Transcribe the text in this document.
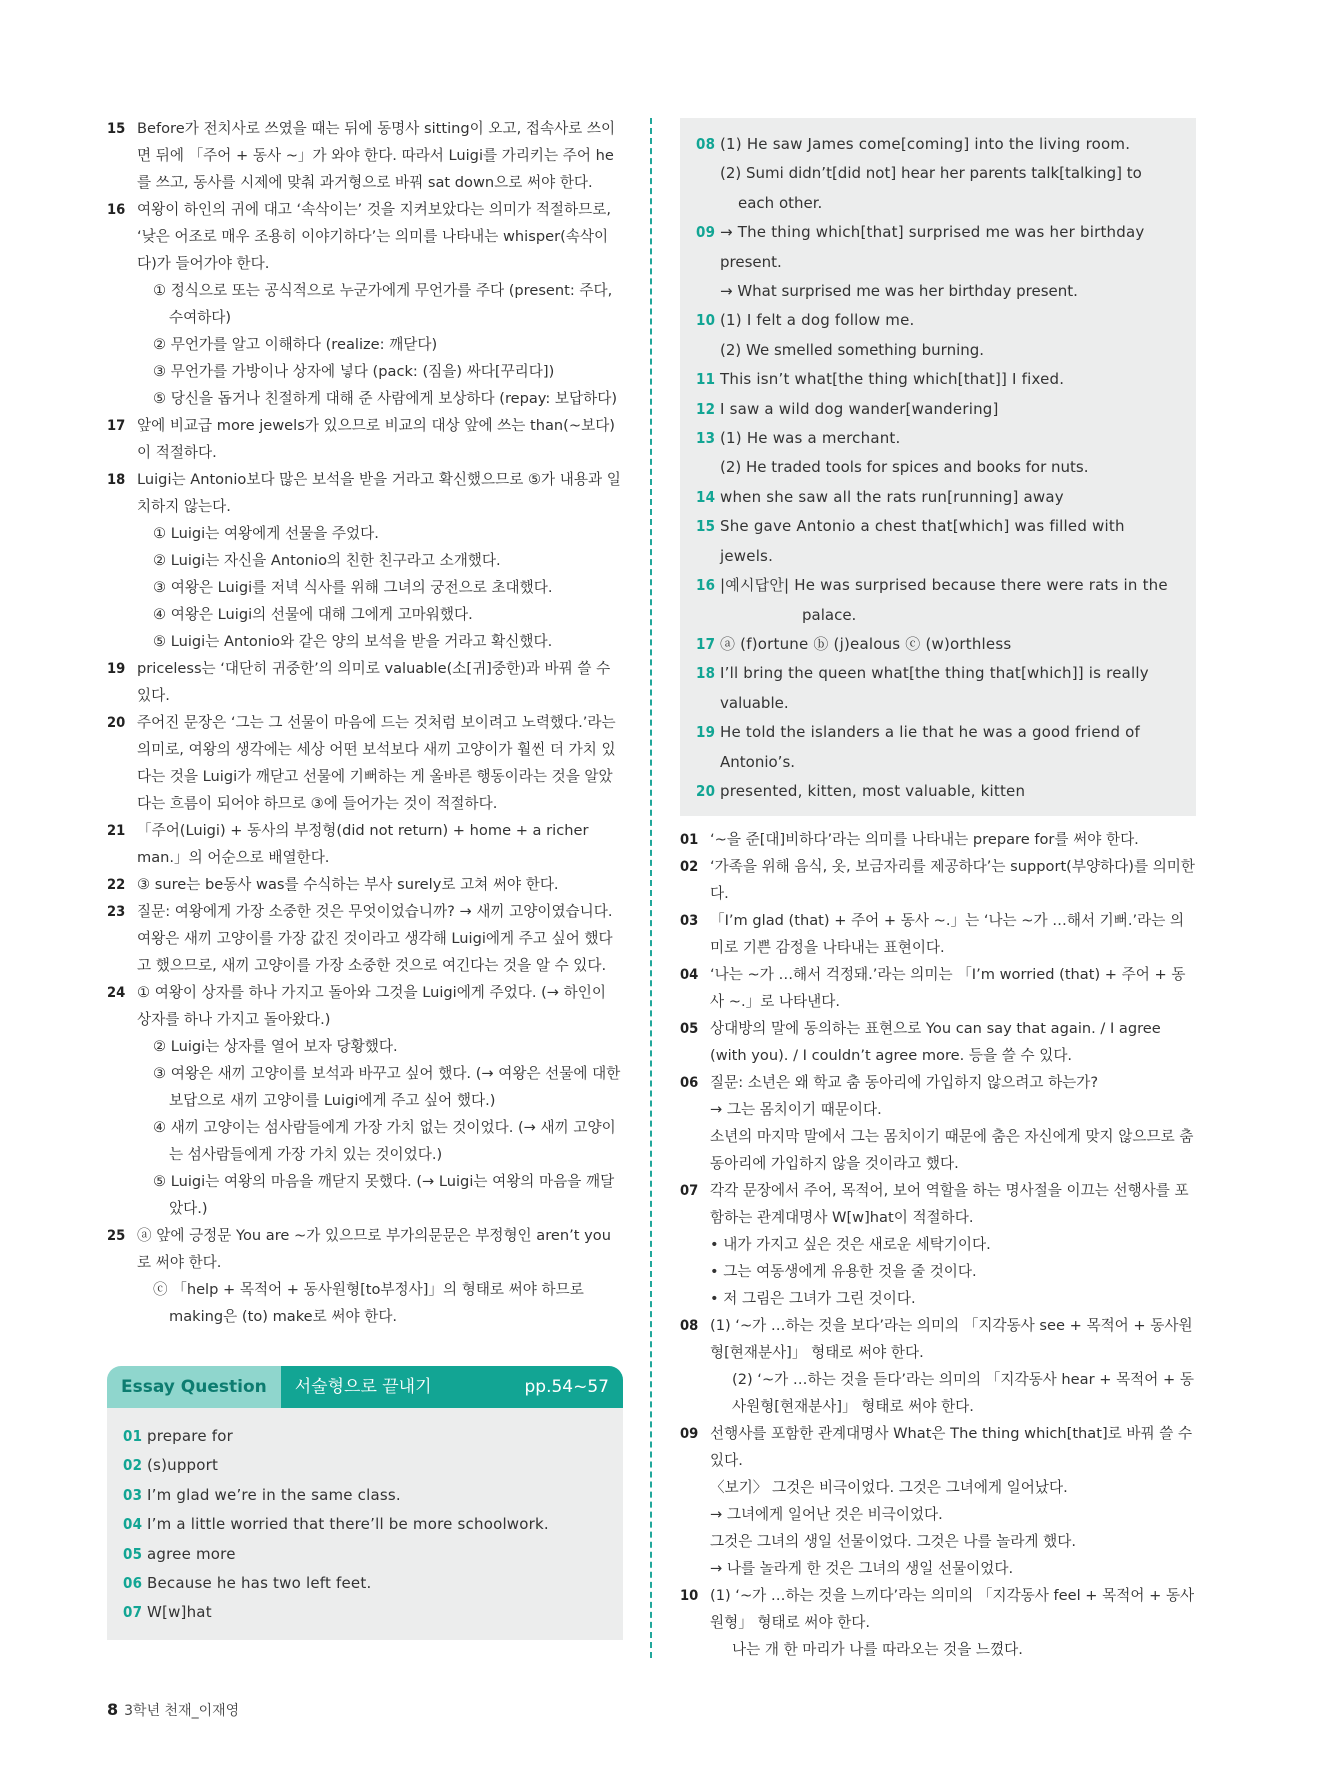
15 Before가 전치사로 쓰였을 때는 뒤에 동명사 sitting이 오고, 접속사로 쓰이면 뒤에 「주어 + 동사 ~」가 와야 한다. 따라서 Luigi를 가리키는 주어 he를 쓰고, 동사를 시제에 맞춰 과거형으로 바꿔 sat down으로 써야 한다.
16 여왕이 하인의 귀에 대고 ‘속삭이는’ 것을 지켜보았다는 의미가 적절하므로, ‘낮은 어조로 매우 조용히 이야기하다’는 의미를 나타내는 whisper(속삭이다)가 들어가야 한다.
① 정식으로 또는 공식적으로 누군가에게 무언가를 주다 (present: 주다, 수여하다)
② 무언가를 알고 이해하다 (realize: 깨닫다)
③ 무언가를 가방이나 상자에 넣다 (pack: (짐을) 싸다[꾸리다])
⑤ 당신을 돕거나 친절하게 대해 준 사람에게 보상하다 (repay: 보답하다)
17 앞에 비교급 more jewels가 있으므로 비교의 대상 앞에 쓰는 than(~보다)이 적절하다.
18 Luigi는 Antonio보다 많은 보석을 받을 거라고 확신했으므로 ⑤가 내용과 일치하지 않는다.
① Luigi는 여왕에게 선물을 주었다.
② Luigi는 자신을 Antonio의 친한 친구라고 소개했다.
③ 여왕은 Luigi를 저녁 식사를 위해 그녀의 궁전으로 초대했다.
④ 여왕은 Luigi의 선물에 대해 그에게 고마워했다.
⑤ Luigi는 Antonio와 같은 양의 보석을 받을 거라고 확신했다.
19 priceless는 ‘대단히 귀중한’의 의미로 valuable(소[귀]중한)과 바꿔 쓸 수 있다.
20 주어진 문장은 ‘그는 그 선물이 마음에 드는 것처럼 보이려고 노력했다.’라는 의미로, 여왕의 생각에는 세상 어떤 보석보다 새끼 고양이가 훨씬 더 가치 있다는 것을 Luigi가 깨닫고 선물에 기뻐하는 게 올바른 행동이라는 것을 알았다는 흐름이 되어야 하므로 ③에 들어가는 것이 적절하다.
21 「주어(Luigi) + 동사의 부정형(did not return) + home + a richer man.」의 어순으로 배열한다.
22 ③ sure는 be동사 was를 수식하는 부사 surely로 고쳐 써야 한다.
23 질문: 여왕에게 가장 소중한 것은 무엇이었습니까? → 새끼 고양이였습니다. 여왕은 새끼 고양이를 가장 값진 것이라고 생각해 Luigi에게 주고 싶어 했다고 했으므로, 새끼 고양이를 가장 소중한 것으로 여긴다는 것을 알 수 있다.
24 ① 여왕이 상자를 하나 가지고 돌아와 그것을 Luigi에게 주었다. (→ 하인이 상자를 하나 가지고 돌아왔다.)
② Luigi는 상자를 열어 보자 당황했다.
③ 여왕은 새끼 고양이를 보석과 바꾸고 싶어 했다. (→ 여왕은 선물에 대한 보답으로 새끼 고양이를 Luigi에게 주고 싶어 했다.)
④ 새끼 고양이는 섬사람들에게 가장 가치 없는 것이었다. (→ 새끼 고양이는 섬사람들에게 가장 가치 있는 것이었다.)
⑤ Luigi는 여왕의 마음을 깨닫지 못했다. (→ Luigi는 여왕의 마음을 깨달았다.)
25 ⓐ 앞에 긍정문 You are ~가 있으므로 부가의문문은 부정형인 aren’t you로 써야 한다.
ⓒ 「help + 목적어 + 동사원형[to부정사]」의 형태로 써야 하므로 making은 (to) make로 써야 한다.
Essay Question	서술형으로 끝내기	pp.54~57
01 prepare for
02 (s)upport
03 I’m glad we’re in the same class.
04 I’m a little worried that there’ll be more schoolwork.
05 agree more
06 Because he has two left feet.
07 W[w]hat
08 (1) He saw James come[coming] into the living room.
(2) Sumi didn’t[did not] hear her parents talk[talking] to
each other.
09 → The thing which[that] surprised me was her birthday
present.
→ What surprised me was her birthday present.
10 (1) I felt a dog follow me.
(2) We smelled something burning.
11 This isn’t what[the thing which[that]] I fixed.
12 I saw a wild dog wander[wandering]
13 (1) He was a merchant.
(2) He traded tools for spices and books for nuts.
14 when she saw all the rats run[running] away
15 She gave Antonio a chest that[which] was filled with jewels.
16 |예시답안| He was surprised because there were rats in the
palace.
17 ⓐ (f)ortune ⓑ (j)ealous ⓒ (w)orthless
18 I’ll bring the queen what[the thing that[which]] is really
valuable.
19 He told the islanders a lie that he was a good friend of
Antonio’s.
20 presented, kitten, most valuable, kitten
01 ‘~을 준[대]비하다’라는 의미를 나타내는 prepare for를 써야 한다.
02 ‘가족을 위해 음식, 옷, 보금자리를 제공하다’는 support(부양하다)를 의미한다.
03 「I’m glad (that) + 주어 + 동사 ~.」는 ‘나는 ~가 …해서 기뻐.’라는 의미로 기쁜 감정을 나타내는 표현이다.
04 ‘나는 ~가 …해서 걱정돼.’라는 의미는 「I’m worried (that) + 주어 + 동사 ~.」로 나타낸다.
05 상대방의 말에 동의하는 표현으로 You can say that again. / I agree (with you). / I couldn’t agree more. 등을 쓸 수 있다.
06 질문: 소년은 왜 학교 춤 동아리에 가입하지 않으려고 하는가?
→ 그는 몸치이기 때문이다.
소년의 마지막 말에서 그는 몸치이기 때문에 춤은 자신에게 맞지 않으므로 춤 동아리에 가입하지 않을 것이라고 했다.
07 각각 문장에서 주어, 목적어, 보어 역할을 하는 명사절을 이끄는 선행사를 포함하는 관계대명사 W[w]hat이 적절하다.
• 내가 가지고 싶은 것은 새로운 세탁기이다.
• 그는 여동생에게 유용한 것을 줄 것이다.
• 저 그림은 그녀가 그린 것이다.
08 (1) ‘~가 …하는 것을 보다’라는 의미의 「지각동사 see + 목적어 + 동사원형[현재분사]」 형태로 써야 한다.
(2) ‘~가 …하는 것을 듣다’라는 의미의 「지각동사 hear + 목적어 + 동사원형[현재분사]」 형태로 써야 한다.
09 선행사를 포함한 관계대명사 What은 The thing which[that]로 바꿔 쓸 수 있다.
〈보기〉 그것은 비극이었다. 그것은 그녀에게 일어났다.
→ 그녀에게 일어난 것은 비극이었다.
그것은 그녀의 생일 선물이었다. 그것은 나를 놀라게 했다.
→ 나를 놀라게 한 것은 그녀의 생일 선물이었다.
10 (1) ‘~가 …하는 것을 느끼다’라는 의미의 「지각동사 feel + 목적어 + 동사원형」 형태로 써야 한다.
나는 개 한 마리가 나를 따라오는 것을 느꼈다.
8 3학년 천재_이재영
